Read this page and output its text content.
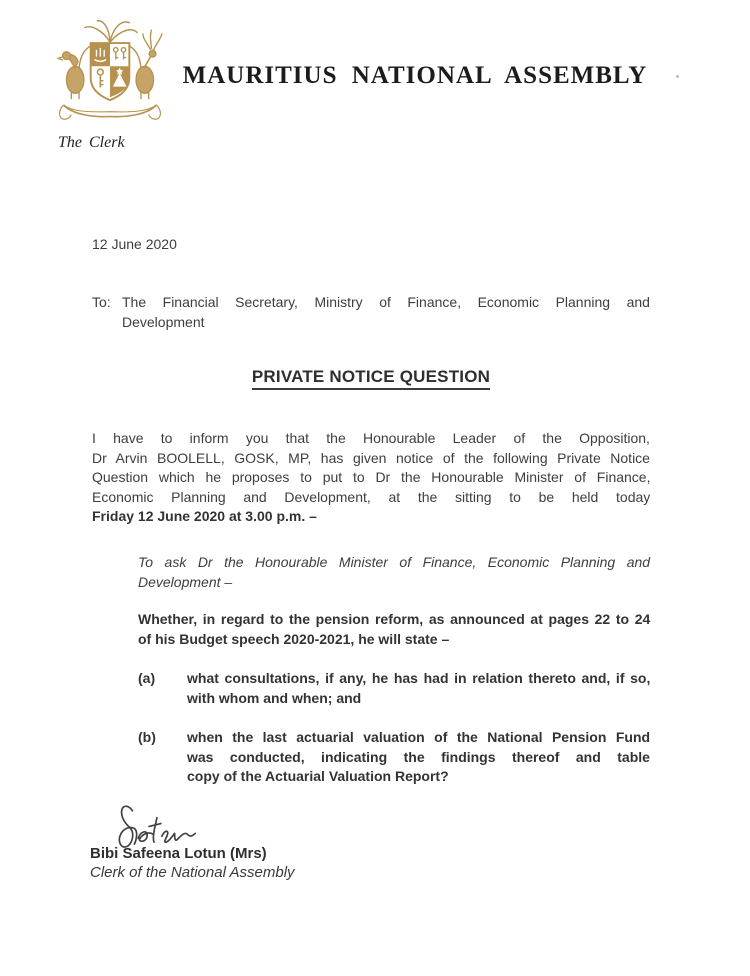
MAURITIUS NATIONAL ASSEMBLY
The Clerk
12 June 2020
To: The Financial Secretary, Ministry of Finance, Economic Planning and
Development
PRIVATE NOTICE QUESTION
I have to inform you that the Honourable Leader of the Opposition,
Dr Arvin BOOLELL, GOSK, MP, has given notice of the following Private Notice
Question which he proposes to put to Dr the Honourable Minister of Finance,
Economic Planning and Development, at the sitting to be held today
Friday 12 June 2020 at 3.00 p.m. –
To ask Dr the Honourable Minister of Finance, Economic Planning and
Development –
Whether, in regard to the pension reform, as announced at pages 22 to 24
of his Budget speech 2020-2021, he will state –
(a)	what consultations, if any, he has had in relation thereto and, if so,
with whom and when; and
(b)	when the last actuarial valuation of the National Pension Fund
was conducted, indicating the findings thereof and table
copy of the Actuarial Valuation Report?
Bibi Safeena Lotun (Mrs)
Clerk of the National Assembly
